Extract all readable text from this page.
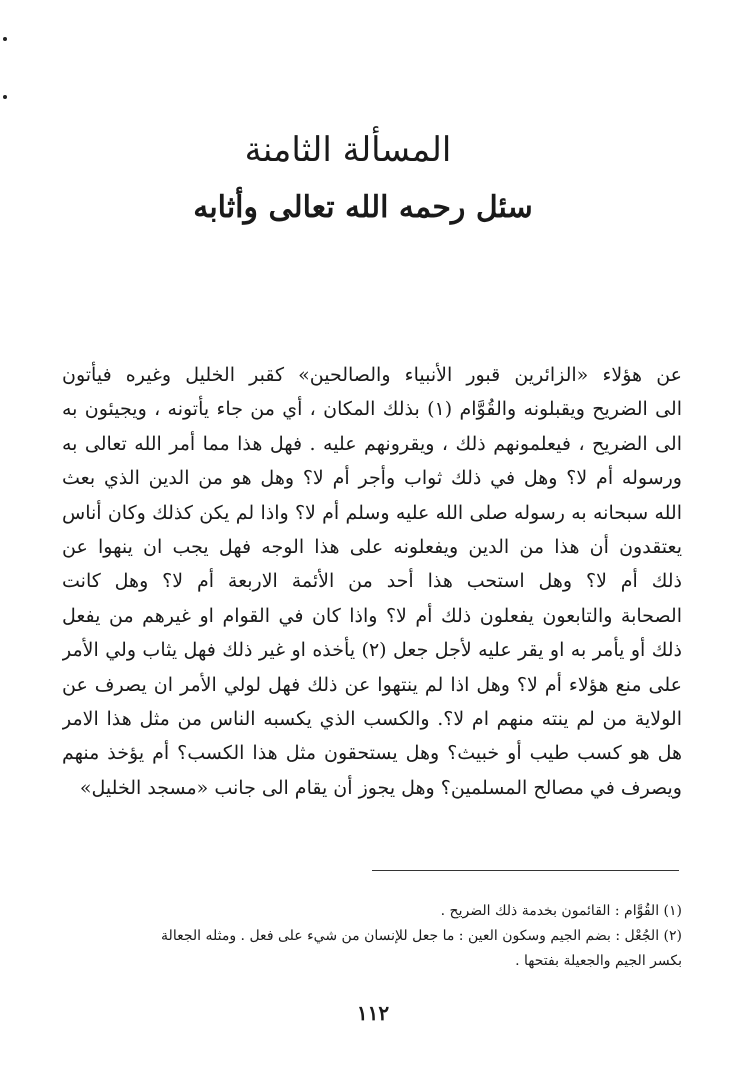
المسألة الثامنة
سئل رحمه الله تعالى وأثابه
عن هؤلاء «الزائرين قبور الأنبياء والصالحين» كقبر الخليل وغيره فيأتون
الى الضريح ويقبلونه والقُوَّام (١) بذلك المكان ، أي من جاء يأتونه ، ويجيئون به
الى الضريح ، فيعلمونهم ذلك ، ويقرونهم عليه . فهل هذا مما أمر الله تعالى به
ورسوله أم لا؟ وهل في ذلك ثواب وأجر أم لا؟ وهل هو من الدين الذي بعث
الله سبحانه به رسوله صلى الله عليه وسلم أم لا؟ واذا لم يكن كذلك وكان أناس
يعتقدون أن هذا من الدين ويفعلونه على هذا الوجه فهل يجب ان ينهوا عن
ذلك أم لا؟ وهل استحب هذا أحد من الأئمة الاربعة أم لا؟ وهل كانت
الصحابة والتابعون يفعلون ذلك أم لا؟ واذا كان في القوام او غيرهم من يفعل
ذلك أو يأمر به او يقر عليه لأجل جعل (٢) يأخذه او غير ذلك فهل يثاب ولي الأمر
على منع هؤلاء أم لا؟ وهل اذا لم ينتهوا عن ذلك فهل لولي الأمر ان يصرف عن
الولاية من لم ينته منهم ام لا؟. والكسب الذي يكسبه الناس من مثل هذا الامر
هل هو كسب طيب أو خبيث؟ وهل يستحقون مثل هذا الكسب؟ أم يؤخذ منهم
ويصرف في مصالح المسلمين؟ وهل يجوز أن يقام الى جانب «مسجد الخليل»
(١) القُوَّام : القائمون بخدمة ذلك الضريح .
(٢) الجُعْل : بضم الجيم وسكون العين : ما جعل للإنسان من شيء على فعل . ومثله الجعالة
بكسر الجيم والجعيلة بفتحها .
١١٢
